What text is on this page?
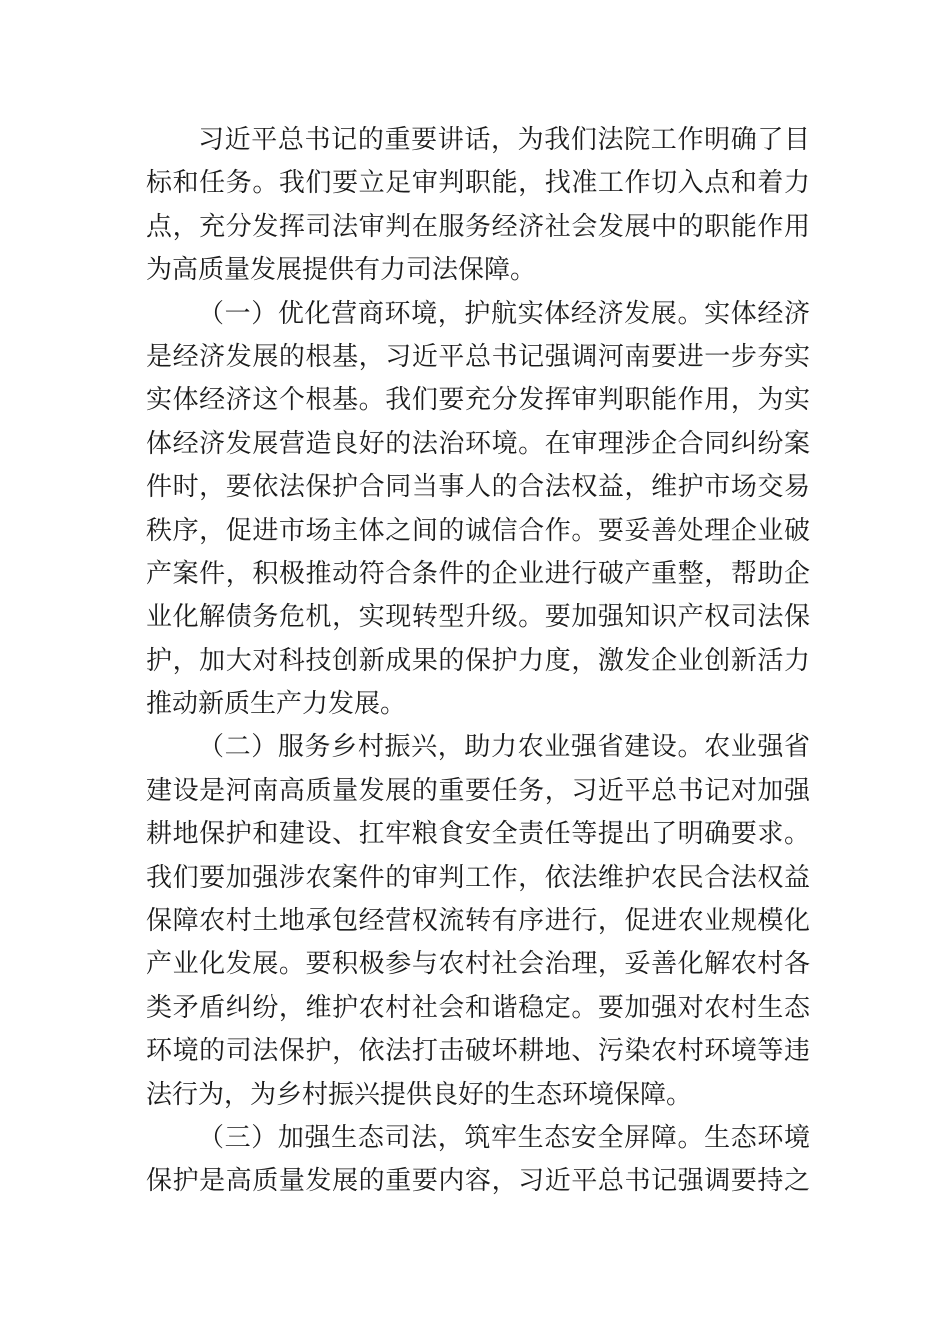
习近平总书记的重要讲话，为我们法院工作明确了目
标和任务。我们要立足审判职能，找准工作切入点和着力
点，充分发挥司法审判在服务经济社会发展中的职能作用
为高质量发展提供有力司法保障。
（一）优化营商环境，护航实体经济发展。实体经济
是经济发展的根基，习近平总书记强调河南要进一步夯实
实体经济这个根基。我们要充分发挥审判职能作用，为实
体经济发展营造良好的法治环境。在审理涉企合同纠纷案
件时，要依法保护合同当事人的合法权益，维护市场交易
秩序，促进市场主体之间的诚信合作。要妥善处理企业破
产案件，积极推动符合条件的企业进行破产重整，帮助企
业化解债务危机，实现转型升级。要加强知识产权司法保
护，加大对科技创新成果的保护力度，激发企业创新活力
推动新质生产力发展。
（二）服务乡村振兴，助力农业强省建设。农业强省
建设是河南高质量发展的重要任务，习近平总书记对加强
耕地保护和建设、扛牢粮食安全责任等提出了明确要求。
我们要加强涉农案件的审判工作，依法维护农民合法权益
保障农村土地承包经营权流转有序进行，促进农业规模化
产业化发展。要积极参与农村社会治理，妥善化解农村各
类矛盾纠纷，维护农村社会和谐稳定。要加强对农村生态
环境的司法保护，依法打击破坏耕地、污染农村环境等违
法行为，为乡村振兴提供良好的生态环境保障。
（三）加强生态司法，筑牢生态安全屏障。生态环境
保护是高质量发展的重要内容，习近平总书记强调要持之
